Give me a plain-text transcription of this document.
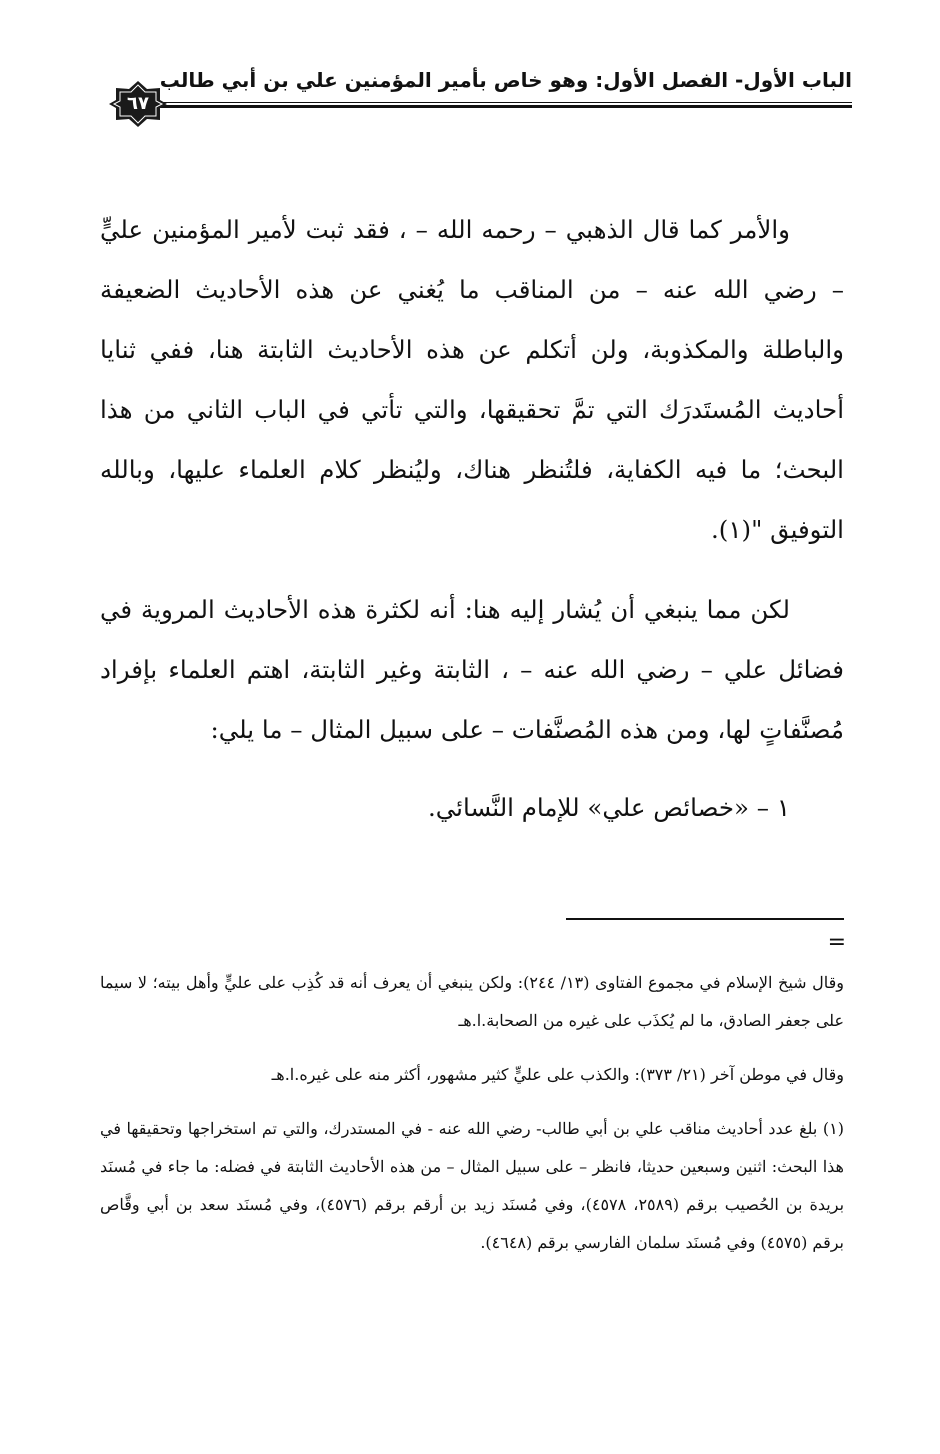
الباب الأول- الفصل الأول: وهو خاص بأمير المؤمنين علي بن أبي طالب
٦٧

والأمر كما قال الذهبي – رحمه الله – ، فقد ثبت لأمير المؤمنين عليٍّ – رضي الله عنه – من المناقب ما يُغني عن هذه الأحاديث الضعيفة والباطلة والمكذوبة، ولن أتكلم عن هذه الأحاديث الثابتة هنا، ففي ثنايا أحاديث المُستَدرَك التي تمَّ تحقيقها، والتي تأتي في الباب الثاني من هذا البحث؛ ما فيه الكفاية، فلتُنظر هناك، وليُنظر كلام العلماء عليها، وبالله التوفيق "(١).

لكن مما ينبغي أن يُشار إليه هنا: أنه لكثرة هذه الأحاديث المروية في فضائل علي – رضي الله عنه – ، الثابتة وغير الثابتة، اهتم العلماء بإفراد مُصنَّفاتٍ لها، ومن هذه المُصنَّفات – على سبيل المثال – ما يلي:

١ – «خصائص علي» للإمام النَّسائي.

=

وقال شيخ الإسلام في مجموع الفتاوى (١٣/ ٢٤٤): ولكن ينبغي أن يعرف أنه قد كُذِب على عليٍّ وأهل بيته؛ لا سيما على جعفر الصادق، ما لم يُكذَب على غيره من الصحابة.ا.هـ

وقال في موطن آخر (٢١/ ٣٧٣): والكذب على عليٍّ كثير مشهور، أكثر منه على غيره.ا.هـ

(١) بلغ عدد أحاديث مناقب علي بن أبي طالب- رضي الله عنه - في المستدرك، والتي تم استخراجها وتحقيقها في هذا البحث: اثنين وسبعين حديثا، فانظر – على سبيل المثال – من هذه الأحاديث الثابتة في فضله: ما جاء في مُسنَد بريدة بن الحُصيب برقم (٢٥٨٩، ٤٥٧٨)، وفي مُسنَد زيد بن أرقم برقم (٤٥٧٦)، وفي مُسنَد سعد بن أبي وقَّاص برقم (٤٥٧٥) وفي مُسنَد سلمان الفارسي برقم (٤٦٤٨).
